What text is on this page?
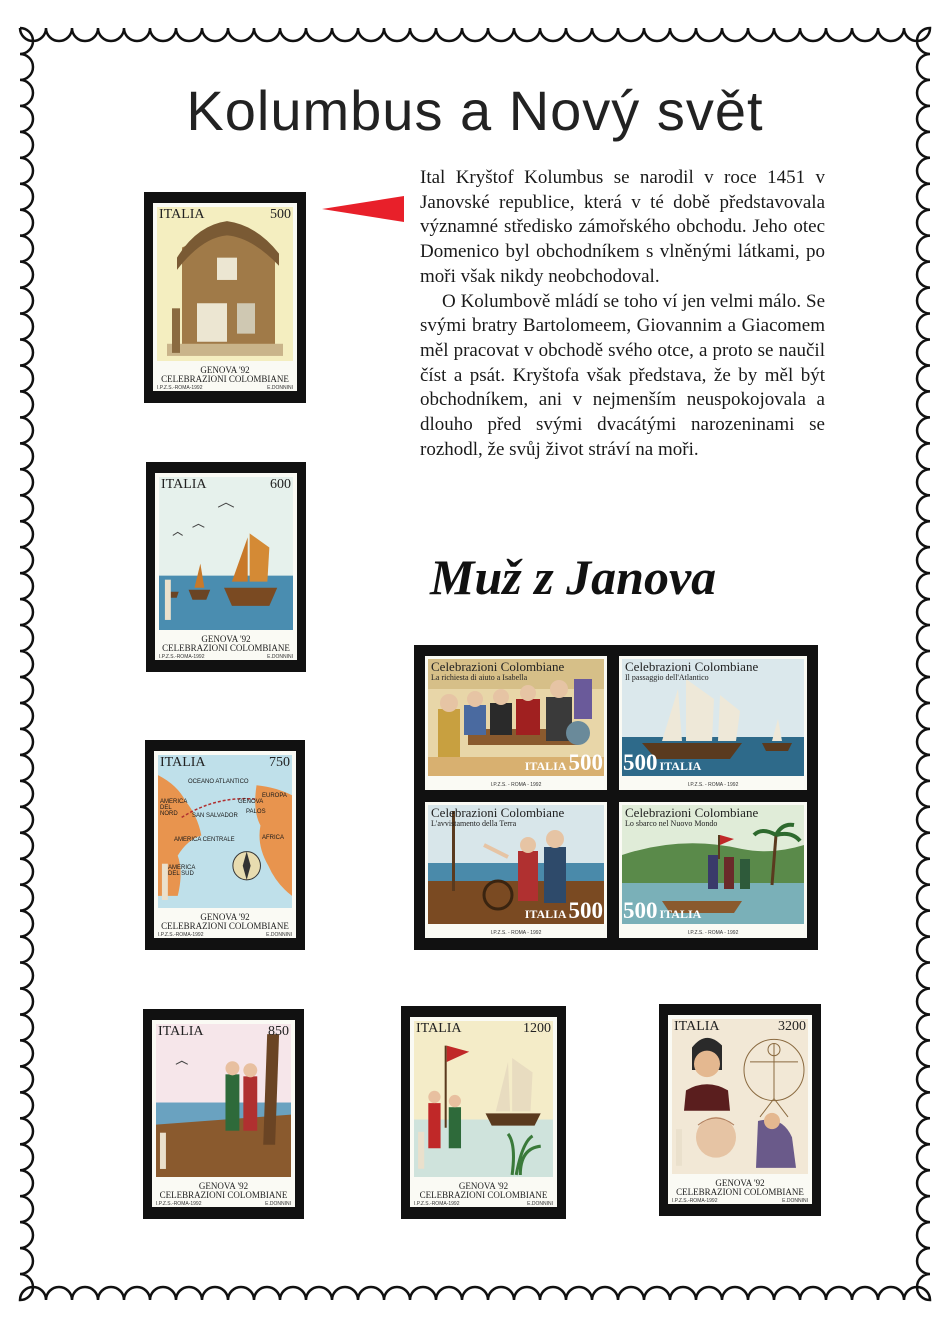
Kolumbus a Nový svět

Ital Kryštof Kolumbus se narodil v roce 1451 v Janovské republice, která v té době představovala významné středisko zámořského obchodu. Jeho otec Domenico byl obchodníkem s vlněnými látkami, po moři však nikdy neobchodoval.

O Kolumbově mládí se toho ví jen velmi málo. Se svými bratry Bartolomeem, Giovannim a Giacomem měl pracovat v obchodě svého otce, a proto se naučil číst a psát. Kryštofa však představa, že by měl být obchodníkem, ani v nejmenším neuspokojovala a dlouho před svými dvacátými narozeninami se rozhodl, že svůj život stráví na moři.

Muž z Janova
ITALIA	500
GENOVA '92
CELEBRAZIONI COLOMBIANE
I.P.Z.S.-ROMA-1992	E.DONNINI
ITALIA	600
GENOVA '92
CELEBRAZIONI COLOMBIANE
I.P.Z.S.-ROMA-1992	E.DONNINI
ITALIA	750
OCEANO ATLANTICO
AFRICA
AMERICA DEL NORD
AMERICA DEL SUD
AMERICA CENTRALE
EUROPA
SAN SALVADOR
PALOS
GENOVA
GENOVA '92
CELEBRAZIONI COLOMBIANE
I.P.Z.S.-ROMA-1992	E.DONNINI
ITALIA	850
GENOVA '92
CELEBRAZIONI COLOMBIANE
I.P.Z.S.-ROMA-1992	E.DONNINI
ITALIA	1200
GENOVA '92
CELEBRAZIONI COLOMBIANE
I.P.Z.S.-ROMA-1992	E.DONNINI
ITALIA	3200
GENOVA '92
CELEBRAZIONI COLOMBIANE
I.P.Z.S.-ROMA-1992	E.DONNINI
Celebrazioni Colombiane
La richiesta di aiuto a Isabella
ITALIA 500
I.P.Z.S. - ROMA - 1992
Celebrazioni Colombiane
Il passaggio dell'Atlantico
500 ITALIA
I.P.Z.S. - ROMA - 1992
Celebrazioni Colombiane
L'avvistamento della Terra
ITALIA 500
I.P.Z.S. - ROMA - 1992
Celebrazioni Colombiane
Lo sbarco nel Nuovo Mondo
500 ITALIA
I.P.Z.S. - ROMA - 1992
